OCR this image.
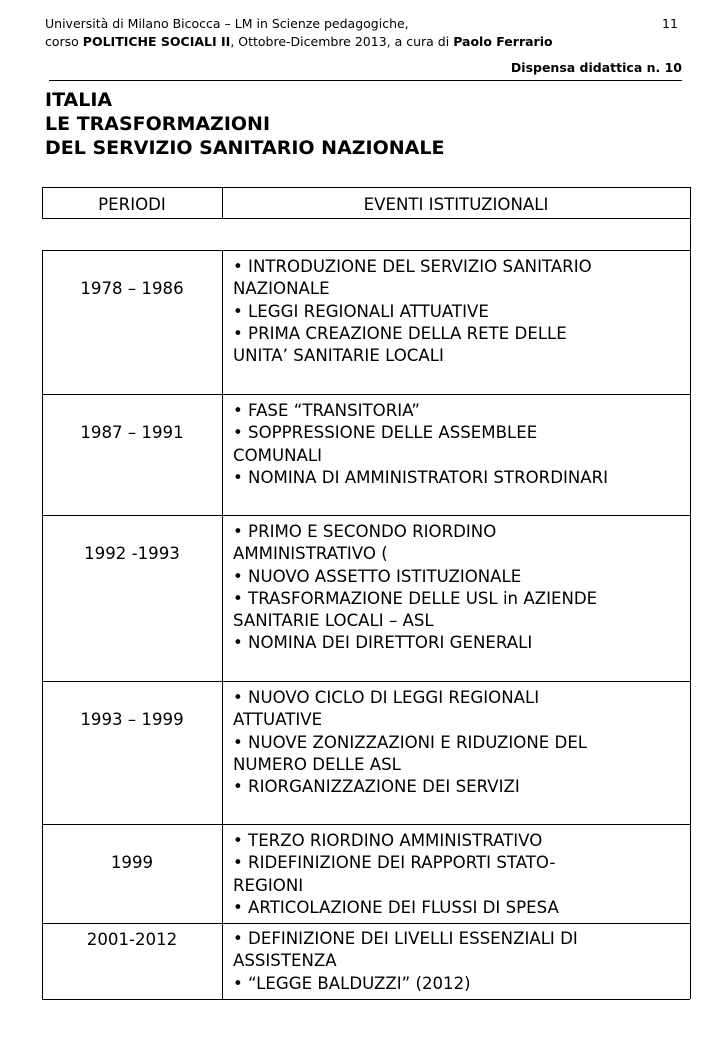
Università di Milano Bicocca – LM in Scienze pedagogiche,
corso POLITICHE SOCIALI II, Ottobre-Dicembre 2013, a cura di Paolo Ferrario
11
Dispensa didattica n. 10
ITALIA
LE TRASFORMAZIONI
DEL SERVIZIO SANITARIO NAZIONALE
PERIODI	EVENTI ISTITUZIONALI
1978 – 1986
• INTRODUZIONE DEL SERVIZIO SANITARIO
NAZIONALE
• LEGGI REGIONALI ATTUATIVE
• PRIMA CREAZIONE DELLA RETE DELLE
UNITA’ SANITARIE LOCALI
1987 – 1991
• FASE “TRANSITORIA”
• SOPPRESSIONE DELLE ASSEMBLEE
COMUNALI
• NOMINA DI AMMINISTRATORI STRORDINARI
1992 -1993
• PRIMO E SECONDO RIORDINO
AMMINISTRATIVO (
• NUOVO ASSETTO ISTITUZIONALE
• TRASFORMAZIONE DELLE USL in AZIENDE
SANITARIE LOCALI – ASL
• NOMINA DEI DIRETTORI GENERALI
1993 – 1999
• NUOVO CICLO DI LEGGI REGIONALI
ATTUATIVE
• NUOVE ZONIZZAZIONI E RIDUZIONE DEL
NUMERO DELLE ASL
• RIORGANIZZAZIONE DEI SERVIZI
1999
• TERZO RIORDINO AMMINISTRATIVO
• RIDEFINIZIONE DEI RAPPORTI STATO-
REGIONI
• ARTICOLAZIONE DEI FLUSSI DI SPESA
2001-2012	• DEFINIZIONE DEI LIVELLI ESSENZIALI DI
ASSISTENZA
• “LEGGE BALDUZZI” (2012)
